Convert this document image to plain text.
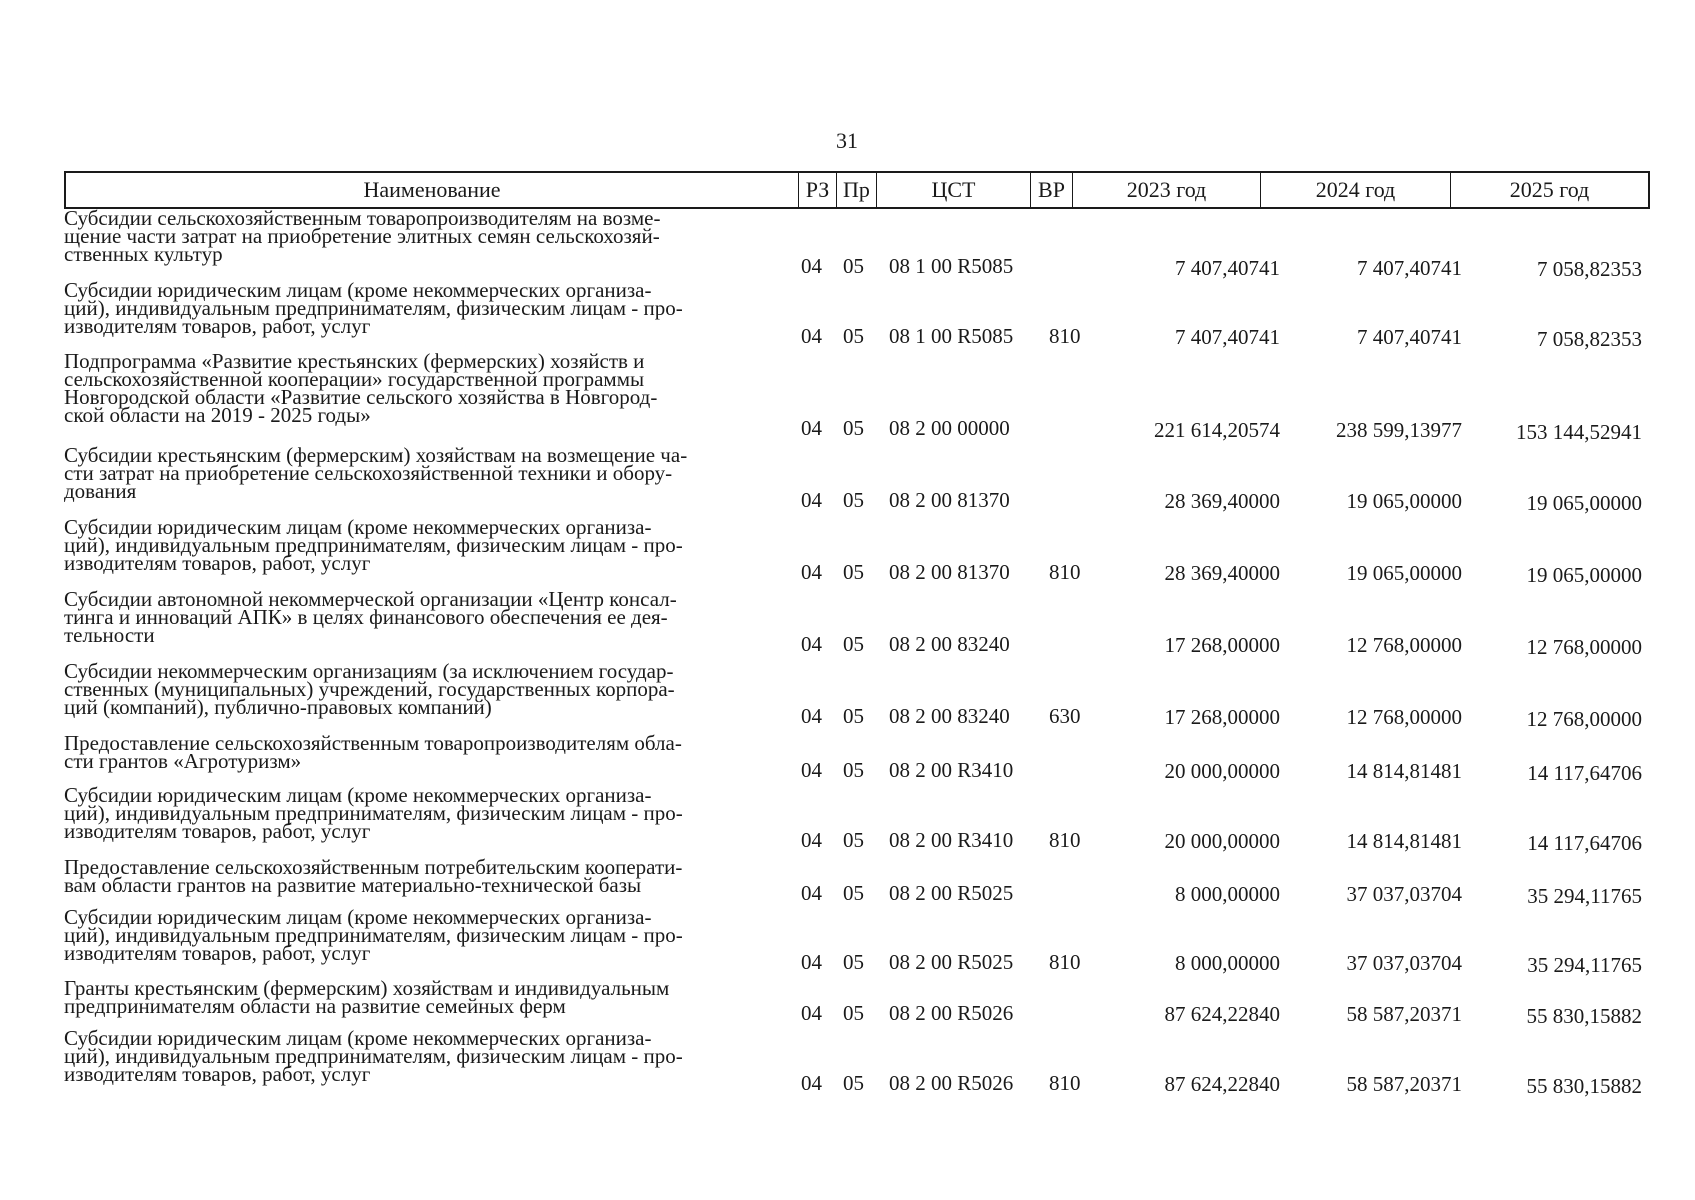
31
Наименование	РЗ Пр	ЦСТ	ВР	2023 год	2024 год	2025 год
Субсидии сельскохозяйственным товаропроизводителям на возме-
щение части затрат на приобретение элитных семян сельскохозяй-
ственных культур	04 05 08 1 00 R5085	7 407,40741	7 407,40741	7 058,82353
Субсидии юридическим лицам (кроме некоммерческих организа-
ций), индивидуальным предпринимателям, физическим лицам - про-
изводителям товаров, работ, услуг	04 05 08 1 00 R5085 810	7 407,40741	7 407,40741	7 058,82353
Подпрограмма «Развитие крестьянских (фермерских) хозяйств и
сельскохозяйственной кооперации» государственной программы
Новгородской области «Развитие сельского хозяйства в Новгород-
ской области на 2019 - 2025 годы»
04 05 08 2 00 00000	221 614,20574	238 599,13977	153 144,52941
Субсидии крестьянским (фермерским) хозяйствам на возмещение ча-
сти затрат на приобретение сельскохозяйственной техники и обору-
дования	04 05 08 2 00 81370	28 369,40000	19 065,00000	19 065,00000
Субсидии юридическим лицам (кроме некоммерческих организа-
ций), индивидуальным предпринимателям, физическим лицам - про-
изводителям товаров, работ, услуг	04 05 08 2 00 81370 810	28 369,40000	19 065,00000	19 065,00000
Субсидии автономной некоммерческой организации «Центр консал-
тинга и инноваций АПК» в целях финансового обеспечения ее дея-
тельности	04 05 08 2 00 83240	17 268,00000	12 768,00000	12 768,00000
Субсидии некоммерческим организациям (за исключением государ-
ственных (муниципальных) учреждений, государственных корпора-
ций (компаний), публично-правовых компаний)	04 05 08 2 00 83240 630	17 268,00000	12 768,00000	12 768,00000
Предоставление сельскохозяйственным товаропроизводителям обла-
сти грантов «Агротуризм»	04 05 08 2 00 R3410	20 000,00000	14 814,81481	14 117,64706
Субсидии юридическим лицам (кроме некоммерческих организа-
ций), индивидуальным предпринимателям, физическим лицам - про-
изводителям товаров, работ, услуг	04 05 08 2 00 R3410 810	20 000,00000	14 814,81481	14 117,64706
Предоставление сельскохозяйственным потребительским кооперати-
вам области грантов на развитие материально-технической базы	04 05 08 2 00 R5025	8 000,00000	37 037,03704	35 294,11765
Субсидии юридическим лицам (кроме некоммерческих организа-
ций), индивидуальным предпринимателям, физическим лицам - про-
изводителям товаров, работ, услуг	04 05 08 2 00 R5025 810	8 000,00000	37 037,03704	35 294,11765
Гранты крестьянским (фермерским) хозяйствам и индивидуальным
предпринимателям области на развитие семейных ферм	04 05 08 2 00 R5026	87 624,22840	58 587,20371	55 830,15882
Субсидии юридическим лицам (кроме некоммерческих организа-
ций), индивидуальным предпринимателям, физическим лицам - про-
изводителям товаров, работ, услуг	04 05 08 2 00 R5026 810	87 624,22840	58 587,20371	55 830,15882
